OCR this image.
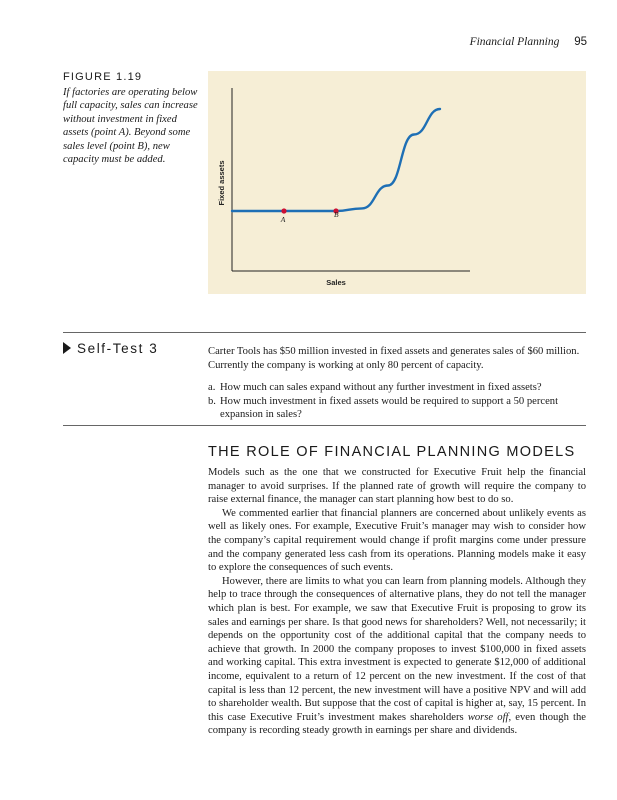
Financial Planning 95
FIGURE 1.19
If factories are operating below full capacity, sales can increase without investment in fixed assets (point A). Beyond some sales level (point B), new capacity must be added.
Sales
Fixed assets
A
B
Self-Test 3	Carter Tools has $50 million invested in fixed assets and generates sales of $60 million. Currently the company is working at only 80 percent of capacity.

a. How much can sales expand without any further investment in fixed assets?
b. How much investment in fixed assets would be required to support a 50 percent expansion in sales?
THE ROLE OF FINANCIAL PLANNING MODELS

Models such as the one that we constructed for Executive Fruit help the financial manager to avoid surprises. If the planned rate of growth will require the company to raise external finance, the manager can start planning how best to do so.

We commented earlier that financial planners are concerned about unlikely events as well as likely ones. For example, Executive Fruit’s manager may wish to consider how the company’s capital requirement would change if profit margins come under pressure and the company generated less cash from its operations. Planning models make it easy to explore the consequences of such events.

However, there are limits to what you can learn from planning models. Although they help to trace through the consequences of alternative plans, they do not tell the manager which plan is best. For example, we saw that Executive Fruit is proposing to grow its sales and earnings per share. Is that good news for shareholders? Well, not necessarily; it depends on the opportunity cost of the additional capital that the company needs to achieve that growth. In 2000 the company proposes to invest $100,000 in fixed assets and working capital. This extra investment is expected to generate $12,000 of additional income, equivalent to a return of 12 percent on the new investment. If the cost of that capital is less than 12 percent, the new investment will have a positive NPV and will add to shareholder wealth. But suppose that the cost of capital is higher at, say, 15 percent. In this case Executive Fruit’s investment makes shareholders worse off, even though the company is recording steady growth in earnings per share and dividends.
